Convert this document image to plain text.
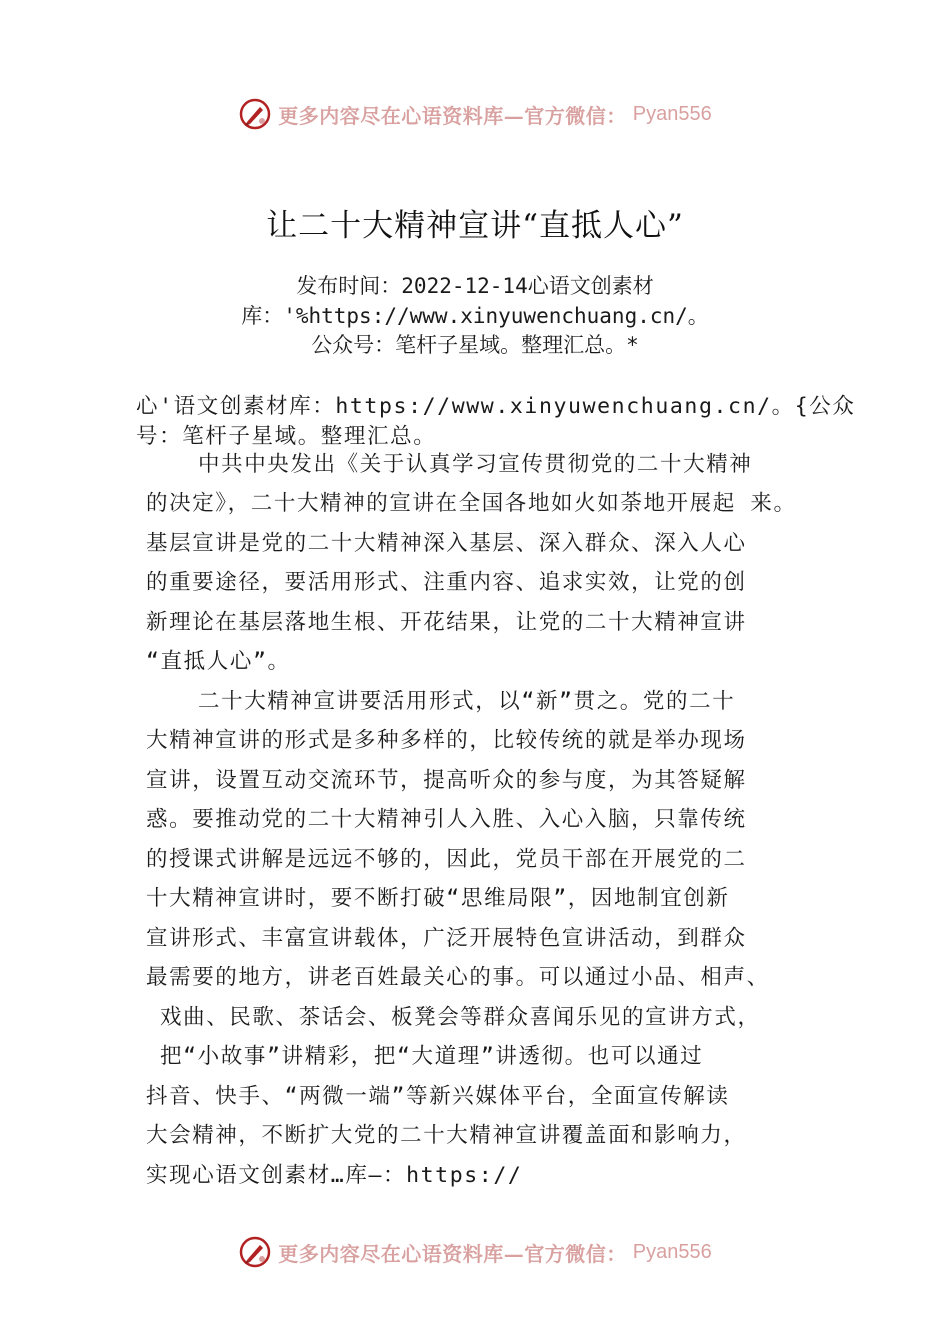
更多内容尽在心语资料库—官方微信： Pyan556
让二十大精神宣讲“直抵人心”
发布时间：2022-12-14心语文创素材
库：'%https://www.xinyuwenchuang.cn/。
公众号：笔杆子星域。整理汇总。*
心'语文创素材库：https://www.xinyuwenchuang.cn/。{公众
号：笔杆子星域。整理汇总。
中共中央发出《关于认真学习宣传贯彻党的二十大精神
的决定》，二十大精神的宣讲在全国各地如火如荼地开展起 来。
基层宣讲是党的二十大精神深入基层、深入群众、深入人心
的重要途径，要活用形式、注重内容、追求实效，让党的创
新理论在基层落地生根、开花结果，让党的二十大精神宣讲
“直抵人心”。
二十大精神宣讲要活用形式，以“新”贯之。党的二十
大精神宣讲的形式是多种多样的，比较传统的就是举办现场
宣讲，设置互动交流环节，提高听众的参与度，为其答疑解
惑。要推动党的二十大精神引人入胜、入心入脑，只靠传统
的授课式讲解是远远不够的，因此，党员干部在开展党的二
十大精神宣讲时，要不断打破“思维局限”，因地制宜创新
宣讲形式、丰富宣讲载体，广泛开展特色宣讲活动，到群众
最需要的地方，讲老百姓最关心的事。可以通过小品、相声、
戏曲、民歌、茶话会、板凳会等群众喜闻乐见的宣讲方式，
把“小故事”讲精彩，把“大道理”讲透彻。也可以通过
抖音、快手、“两微一端”等新兴媒体平台，全面宣传解读
大会精神，不断扩大党的二十大精神宣讲覆盖面和影响力，
实现心语文创素材…库—：https://
更多内容尽在心语资料库—官方微信： Pyan556
